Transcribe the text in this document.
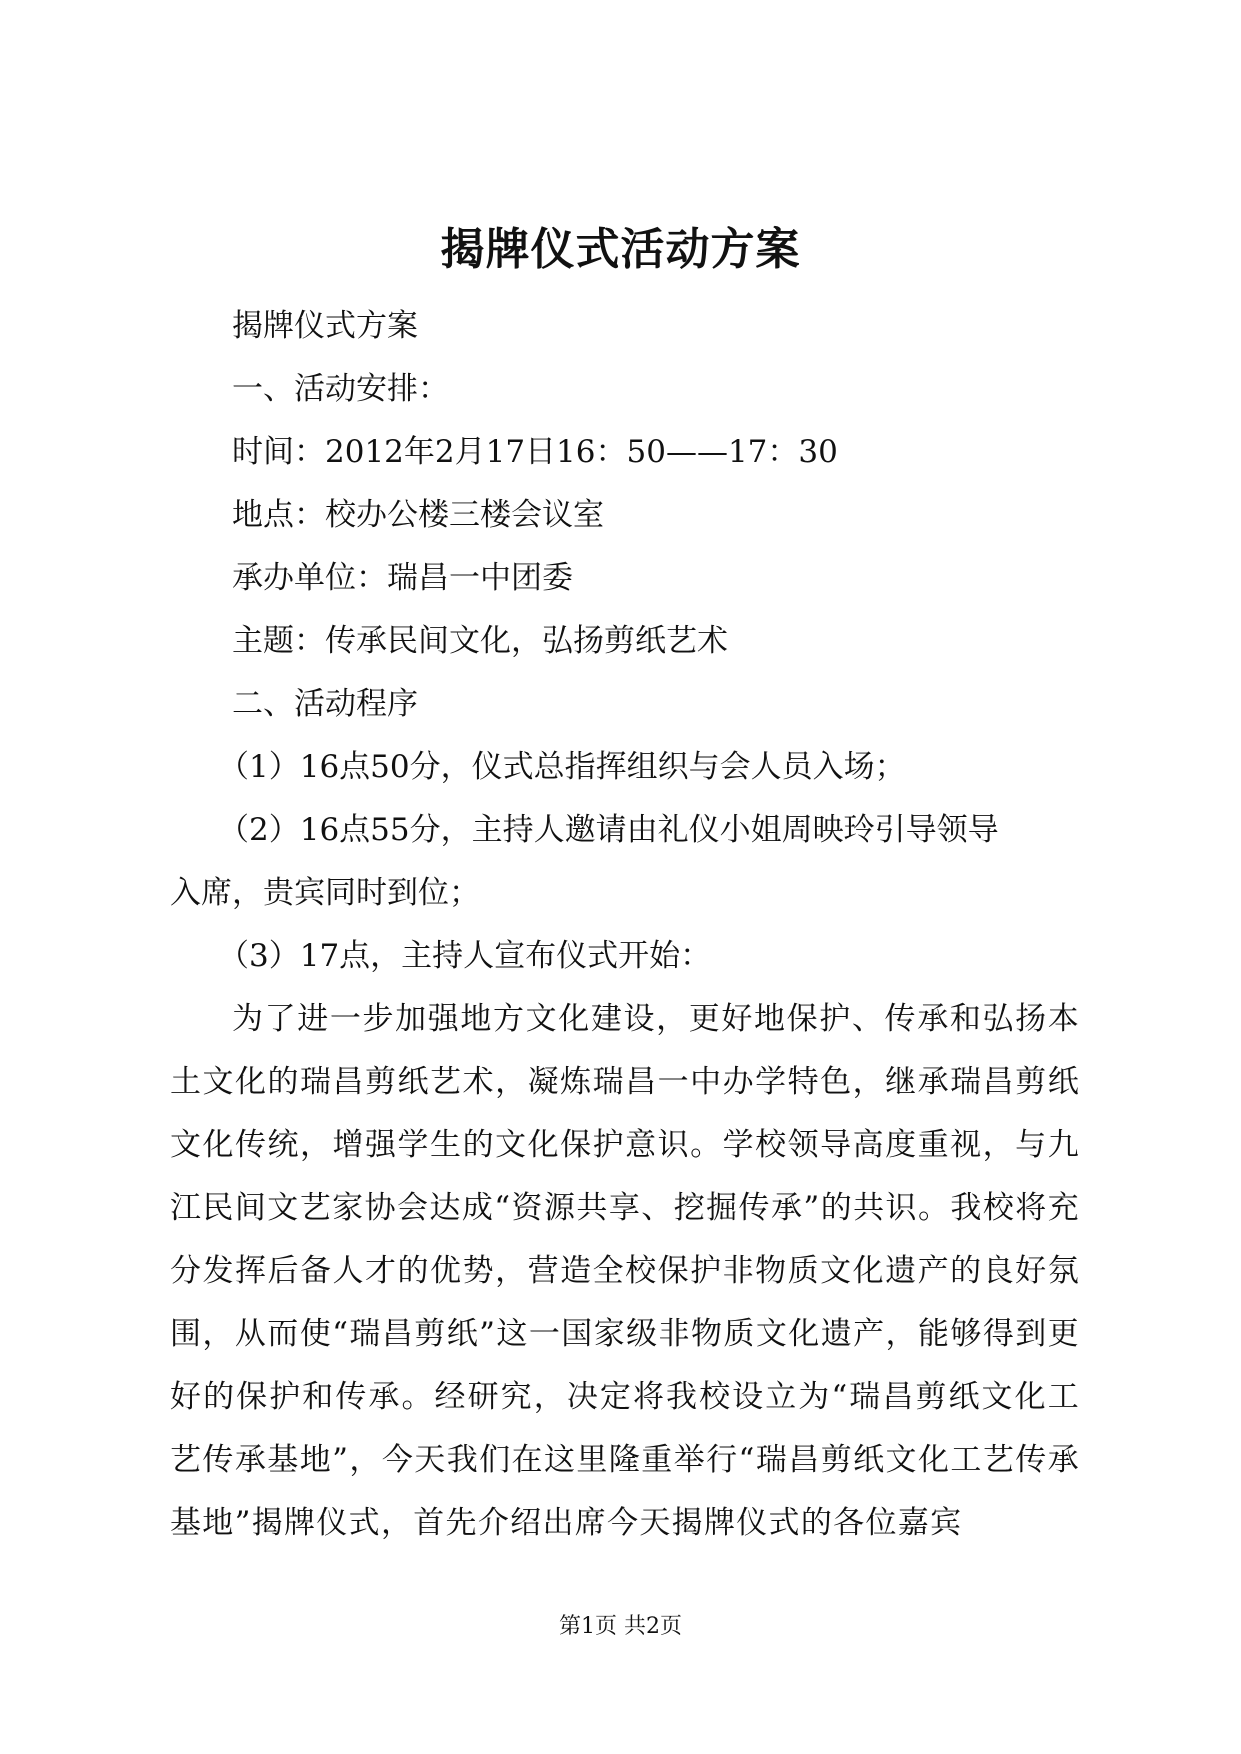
揭牌仪式活动方案
揭牌仪式方案
一、活动安排：
时间：2012年2月17日16：50——17：30
地点：校办公楼三楼会议室
承办单位：瑞昌一中团委
主题：传承民间文化，弘扬剪纸艺术
二、活动程序
（1）16点50分，仪式总指挥组织与会人员入场；
（2）16点55分，主持人邀请由礼仪小姐周映玲引导领导
入席，贵宾同时到位；
（3）17点，主持人宣布仪式开始：
为了进一步加强地方文化建设，更好地保护、传承和弘扬本土文化的瑞昌剪纸艺术，凝炼瑞昌一中办学特色，继承瑞昌剪纸文化传统，增强学生的文化保护意识。学校领导高度重视，与九江民间文艺家协会达成“资源共享、挖掘传承”的共识。我校将充分发挥后备人才的优势，营造全校保护非物质文化遗产的良好氛围，从而使“瑞昌剪纸”这一国家级非物质文化遗产，能够得到更好的保护和传承。经研究，决定将我校设立为“瑞昌剪纸文化工艺传承基地”，今天我们在这里隆重举行“瑞昌剪纸文化工艺传承基地”揭牌仪式，首先介绍出席今天揭牌仪式的各位嘉宾
第1页 共2页
